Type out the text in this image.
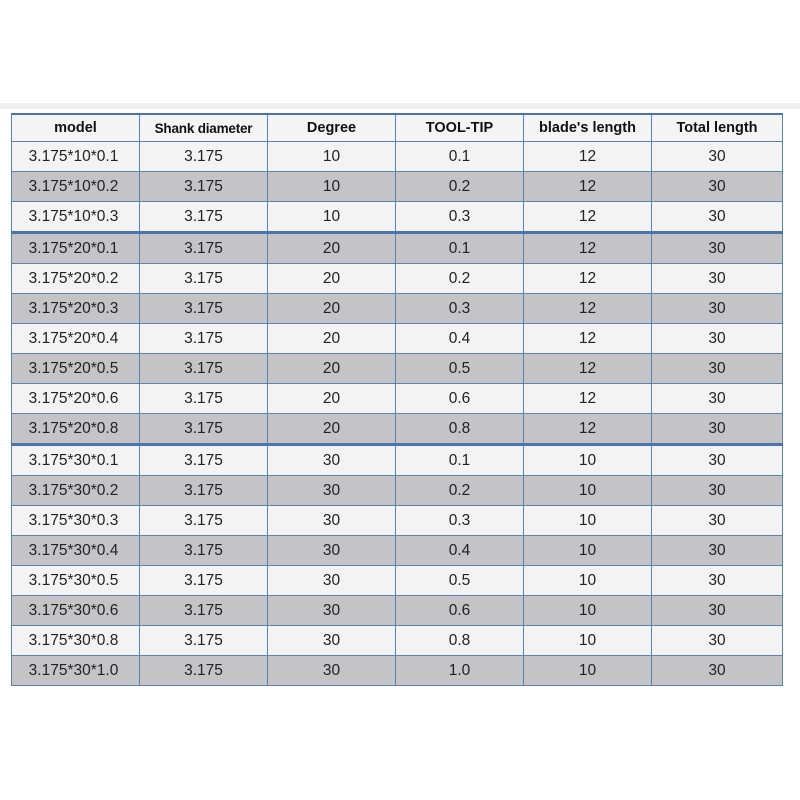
model	Shank diameter	Degree	TOOL-TIP	blade's length	Total length
3.175*10*0.1	3.175	10	0.1	12	30
3.175*10*0.2	3.175	10	0.2	12	30
3.175*10*0.3	3.175	10	0.3	12	30
3.175*20*0.1	3.175	20	0.1	12	30
3.175*20*0.2	3.175	20	0.2	12	30
3.175*20*0.3	3.175	20	0.3	12	30
3.175*20*0.4	3.175	20	0.4	12	30
3.175*20*0.5	3.175	20	0.5	12	30
3.175*20*0.6	3.175	20	0.6	12	30
3.175*20*0.8	3.175	20	0.8	12	30
3.175*30*0.1	3.175	30	0.1	10	30
3.175*30*0.2	3.175	30	0.2	10	30
3.175*30*0.3	3.175	30	0.3	10	30
3.175*30*0.4	3.175	30	0.4	10	30
3.175*30*0.5	3.175	30	0.5	10	30
3.175*30*0.6	3.175	30	0.6	10	30
3.175*30*0.8	3.175	30	0.8	10	30
3.175*30*1.0	3.175	30	1.0	10	30
